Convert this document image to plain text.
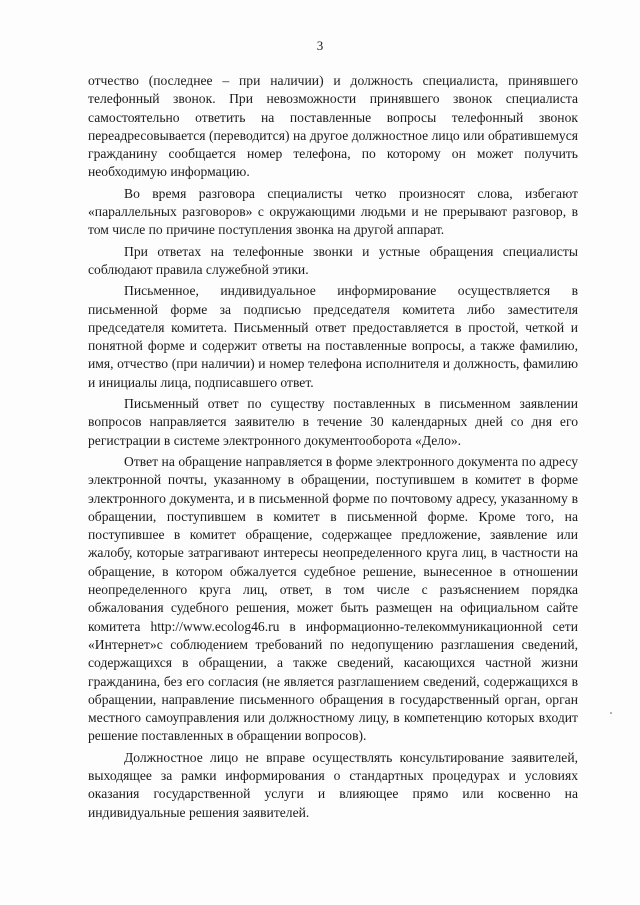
3

отчество (последнее – при наличии) и должность специалиста, принявшего телефонный звонок. При невозможности принявшего звонок специалиста самостоятельно ответить на поставленные вопросы телефонный звонок переадресовывается (переводится) на другое должностное лицо или обратившемуся гражданину сообщается номер телефона, по которому он может получить необходимую информацию.

Во время разговора специалисты четко произносят слова, избегают «параллельных разговоров» с окружающими людьми и не прерывают разговор, в том числе по причине поступления звонка на другой аппарат.

При ответах на телефонные звонки и устные обращения специалисты соблюдают правила служебной этики.

Письменное, индивидуальное информирование осуществляется в письменной форме за подписью председателя комитета либо заместителя председателя комитета. Письменный ответ предоставляется в простой, четкой и понятной форме и содержит ответы на поставленные вопросы, а также фамилию, имя, отчество (при наличии) и номер телефона исполнителя и должность, фамилию и инициалы лица, подписавшего ответ.

Письменный ответ по существу поставленных в письменном заявлении вопросов направляется заявителю в течение 30 календарных дней со дня его регистрации в системе электронного документооборота «Дело».

Ответ на обращение направляется в форме электронного документа по адресу электронной почты, указанному в обращении, поступившем в комитет в форме электронного документа, и в письменной форме по почтовому адресу, указанному в обращении, поступившем в комитет в письменной форме. Кроме того, на поступившее в комитет обращение, содержащее предложение, заявление или жалобу, которые затрагивают интересы неопределенного круга лиц, в частности на обращение, в котором обжалуется судебное решение, вынесенное в отношении неопределенного круга лиц, ответ, в том числе с разъяснением порядка обжалования судебного решения, может быть размещен на официальном сайте комитета http://www.ecolog46.ru в информационно-телекоммуникационной сети «Интернет»с соблюдением требований по недопущению разглашения сведений, содержащихся в обращении, а также сведений, касающихся частной жизни гражданина, без его согласия (не является разглашением сведений, содержащихся в обращении, направление письменного обращения в государственный орган, орган местного самоуправления или должностному лицу, в компетенцию которых входит решение поставленных в обращении вопросов).

Должностное лицо не вправе осуществлять консультирование заявителей, выходящее за рамки информирования о стандартных процедурах и условиях оказания государственной услуги и влияющее прямо или косвенно на индивидуальные решения заявителей.
